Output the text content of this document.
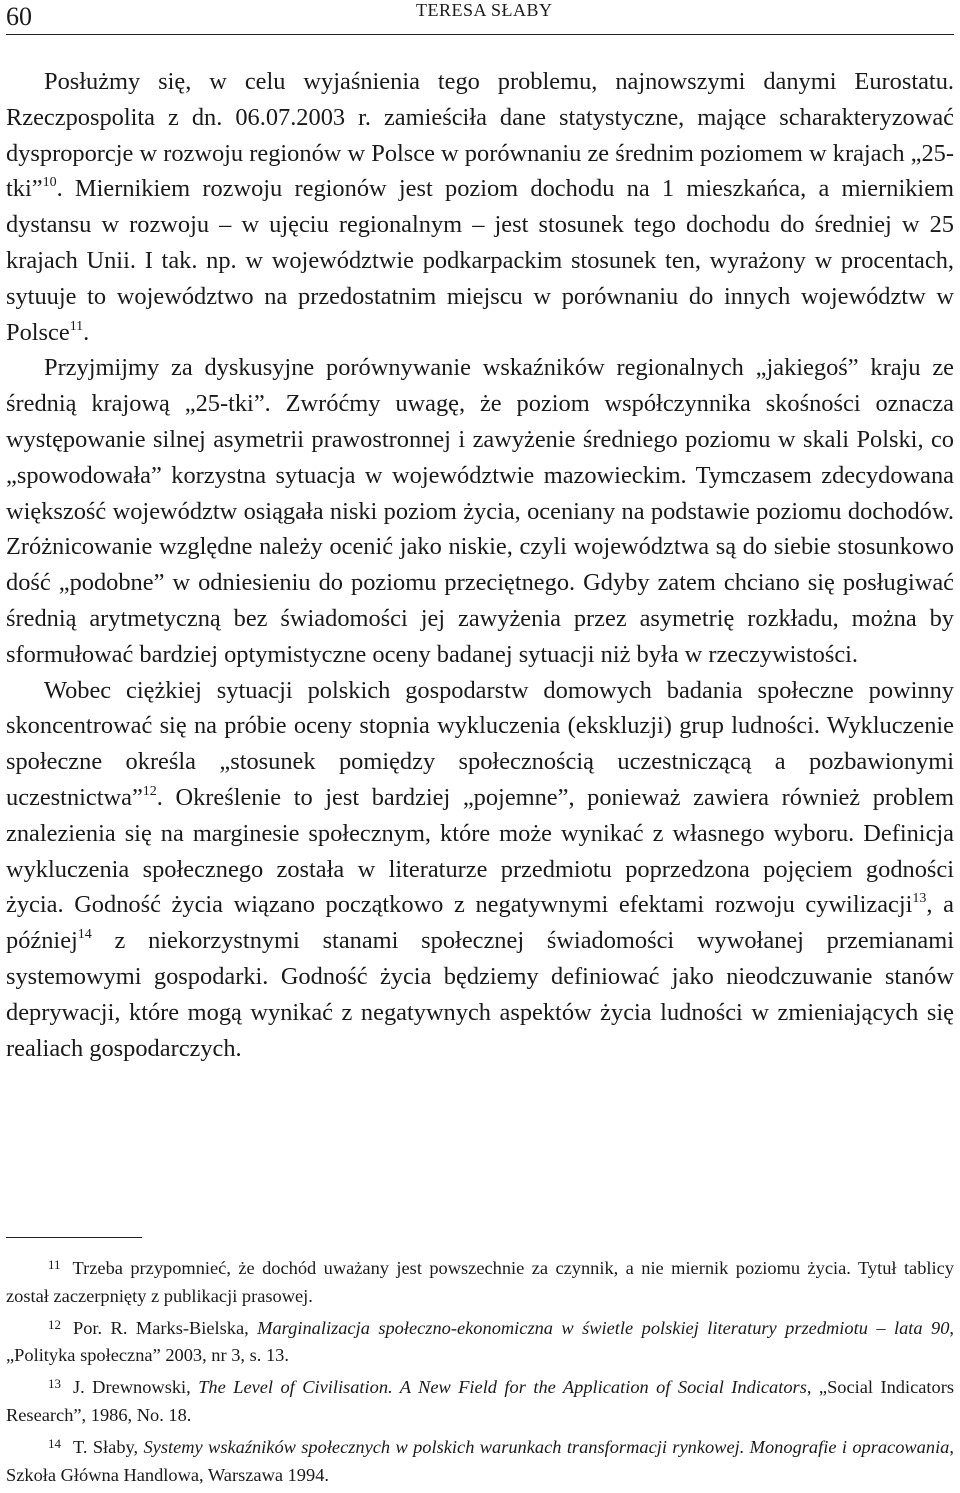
60	TERESA SŁABY

Posłużmy się, w celu wyjaśnienia tego problemu, najnowszymi danymi Eurostatu. Rzeczpospolita z dn. 06.07.2003 r. zamieściła dane statystyczne, mające scharakteryzować dysproporcje w rozwoju regionów w Polsce w porównaniu ze średnim poziomem w krajach „25-tki”$^{10}$. Miernikiem rozwoju regionów jest poziom dochodu na 1 mieszkańca, a miernikiem dystansu w rozwoju – w ujęciu regionalnym – jest stosunek tego dochodu do średniej w 25 krajach Unii. I tak. np. w województwie podkarpackim stosunek ten, wyrażony w procentach, sytuuje to województwo na przedostatnim miejscu w porównaniu do innych województw w Polsce$^{11}$.

Przyjmijmy za dyskusyjne porównywanie wskaźników regionalnych „jakiegoś” kraju ze średnią krajową „25-tki”. Zwróćmy uwagę, że poziom współczynnika skośności oznacza występowanie silnej asymetrii prawostronnej i zawyżenie średniego poziomu w skali Polski, co „spowodowała” korzystna sytuacja w województwie mazowieckim. Tymczasem zdecydowana większość województw osiągała niski poziom życia, oceniany na podstawie poziomu dochodów. Zróżnicowanie względne należy ocenić jako niskie, czyli województwa są do siebie stosunkowo dość „podobne” w odniesieniu do poziomu przeciętnego. Gdyby zatem chciano się posługiwać średnią arytmetyczną bez świadomości jej zawyżenia przez asymetrię rozkładu, można by sformułować bardziej optymistyczne oceny badanej sytuacji niż była w rzeczywistości.

Wobec ciężkiej sytuacji polskich gospodarstw domowych badania społeczne powinny skoncentrować się na próbie oceny stopnia wykluczenia (ekskluzji) grup ludności. Wykluczenie społeczne określa „stosunek pomiędzy społecznością uczestniczącą a pozbawionymi uczestnictwa”$^{12}$. Określenie to jest bardziej „pojemne”, ponieważ zawiera również problem znalezienia się na marginesie społecznym, które może wynikać z własnego wyboru. Definicja wykluczenia społecznego została w literaturze przedmiotu poprzedzona pojęciem godności życia. Godność życia wiązano początkowo z negatywnymi efektami rozwoju cywilizacji$^{13}$, a później$^{14}$ z niekorzystnymi stanami społecznej świadomości wywołanej przemianami systemowymi gospodarki. Godność życia będziemy definiować jako nieodczuwanie stanów deprywacji, które mogą wynikać z negatywnych aspektów życia ludności w zmieniających się realiach gospodarczych.

$^{11}$ Trzeba przypomnieć, że dochód uważany jest powszechnie za czynnik, a nie miernik poziomu życia. Tytuł tablicy został zaczerpnięty z publikacji prasowej.

$^{12}$ Por. R. Marks-Bielska, Marginalizacja społeczno-ekonomiczna w świetle polskiej literatury przedmiotu – lata 90, „Polityka społeczna” 2003, nr 3, s. 13.

$^{13}$ J. Drewnowski, The Level of Civilisation. A New Field for the Application of Social Indicators, „Social Indicators Research”, 1986, No. 18.

$^{14}$ T. Słaby, Systemy wskaźników społecznych w polskich warunkach transformacji rynkowej. Monografie i opracowania, Szkoła Główna Handlowa, Warszawa 1994.
